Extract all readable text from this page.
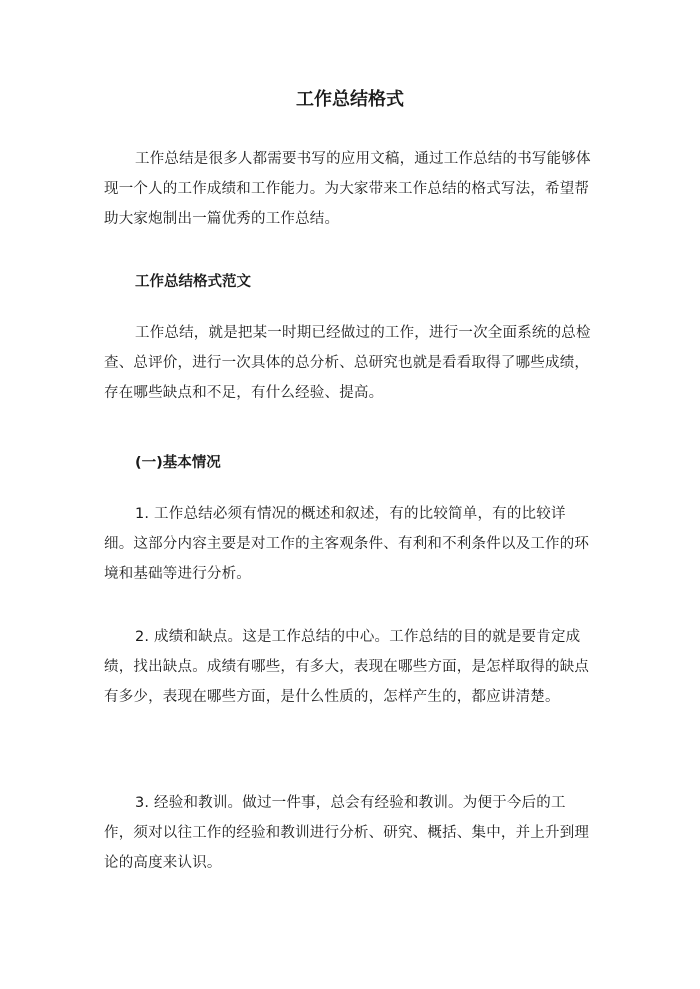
工作总结格式

工作总结是很多人都需要书写的应用文稿，通过工作总结的书写能够体现一个人的工作成绩和工作能力。为大家带来工作总结的格式写法，希望帮助大家炮制出一篇优秀的工作总结。

工作总结格式范文

工作总结，就是把某一时期已经做过的工作，进行一次全面系统的总检查、总评价，进行一次具体的总分析、总研究也就是看看取得了哪些成绩，存在哪些缺点和不足，有什么经验、提高。

(一)基本情况

1. 工作总结必须有情况的概述和叙述，有的比较简单，有的比较详细。这部分内容主要是对工作的主客观条件、有利和不利条件以及工作的环境和基础等进行分析。

2. 成绩和缺点。这是工作总结的中心。工作总结的目的就是要肯定成绩，找出缺点。成绩有哪些，有多大，表现在哪些方面，是怎样取得的缺点有多少，表现在哪些方面，是什么性质的，怎样产生的，都应讲清楚。

3. 经验和教训。做过一件事，总会有经验和教训。为便于今后的工作，须对以往工作的经验和教训进行分析、研究、概括、集中，并上升到理论的高度来认识。
